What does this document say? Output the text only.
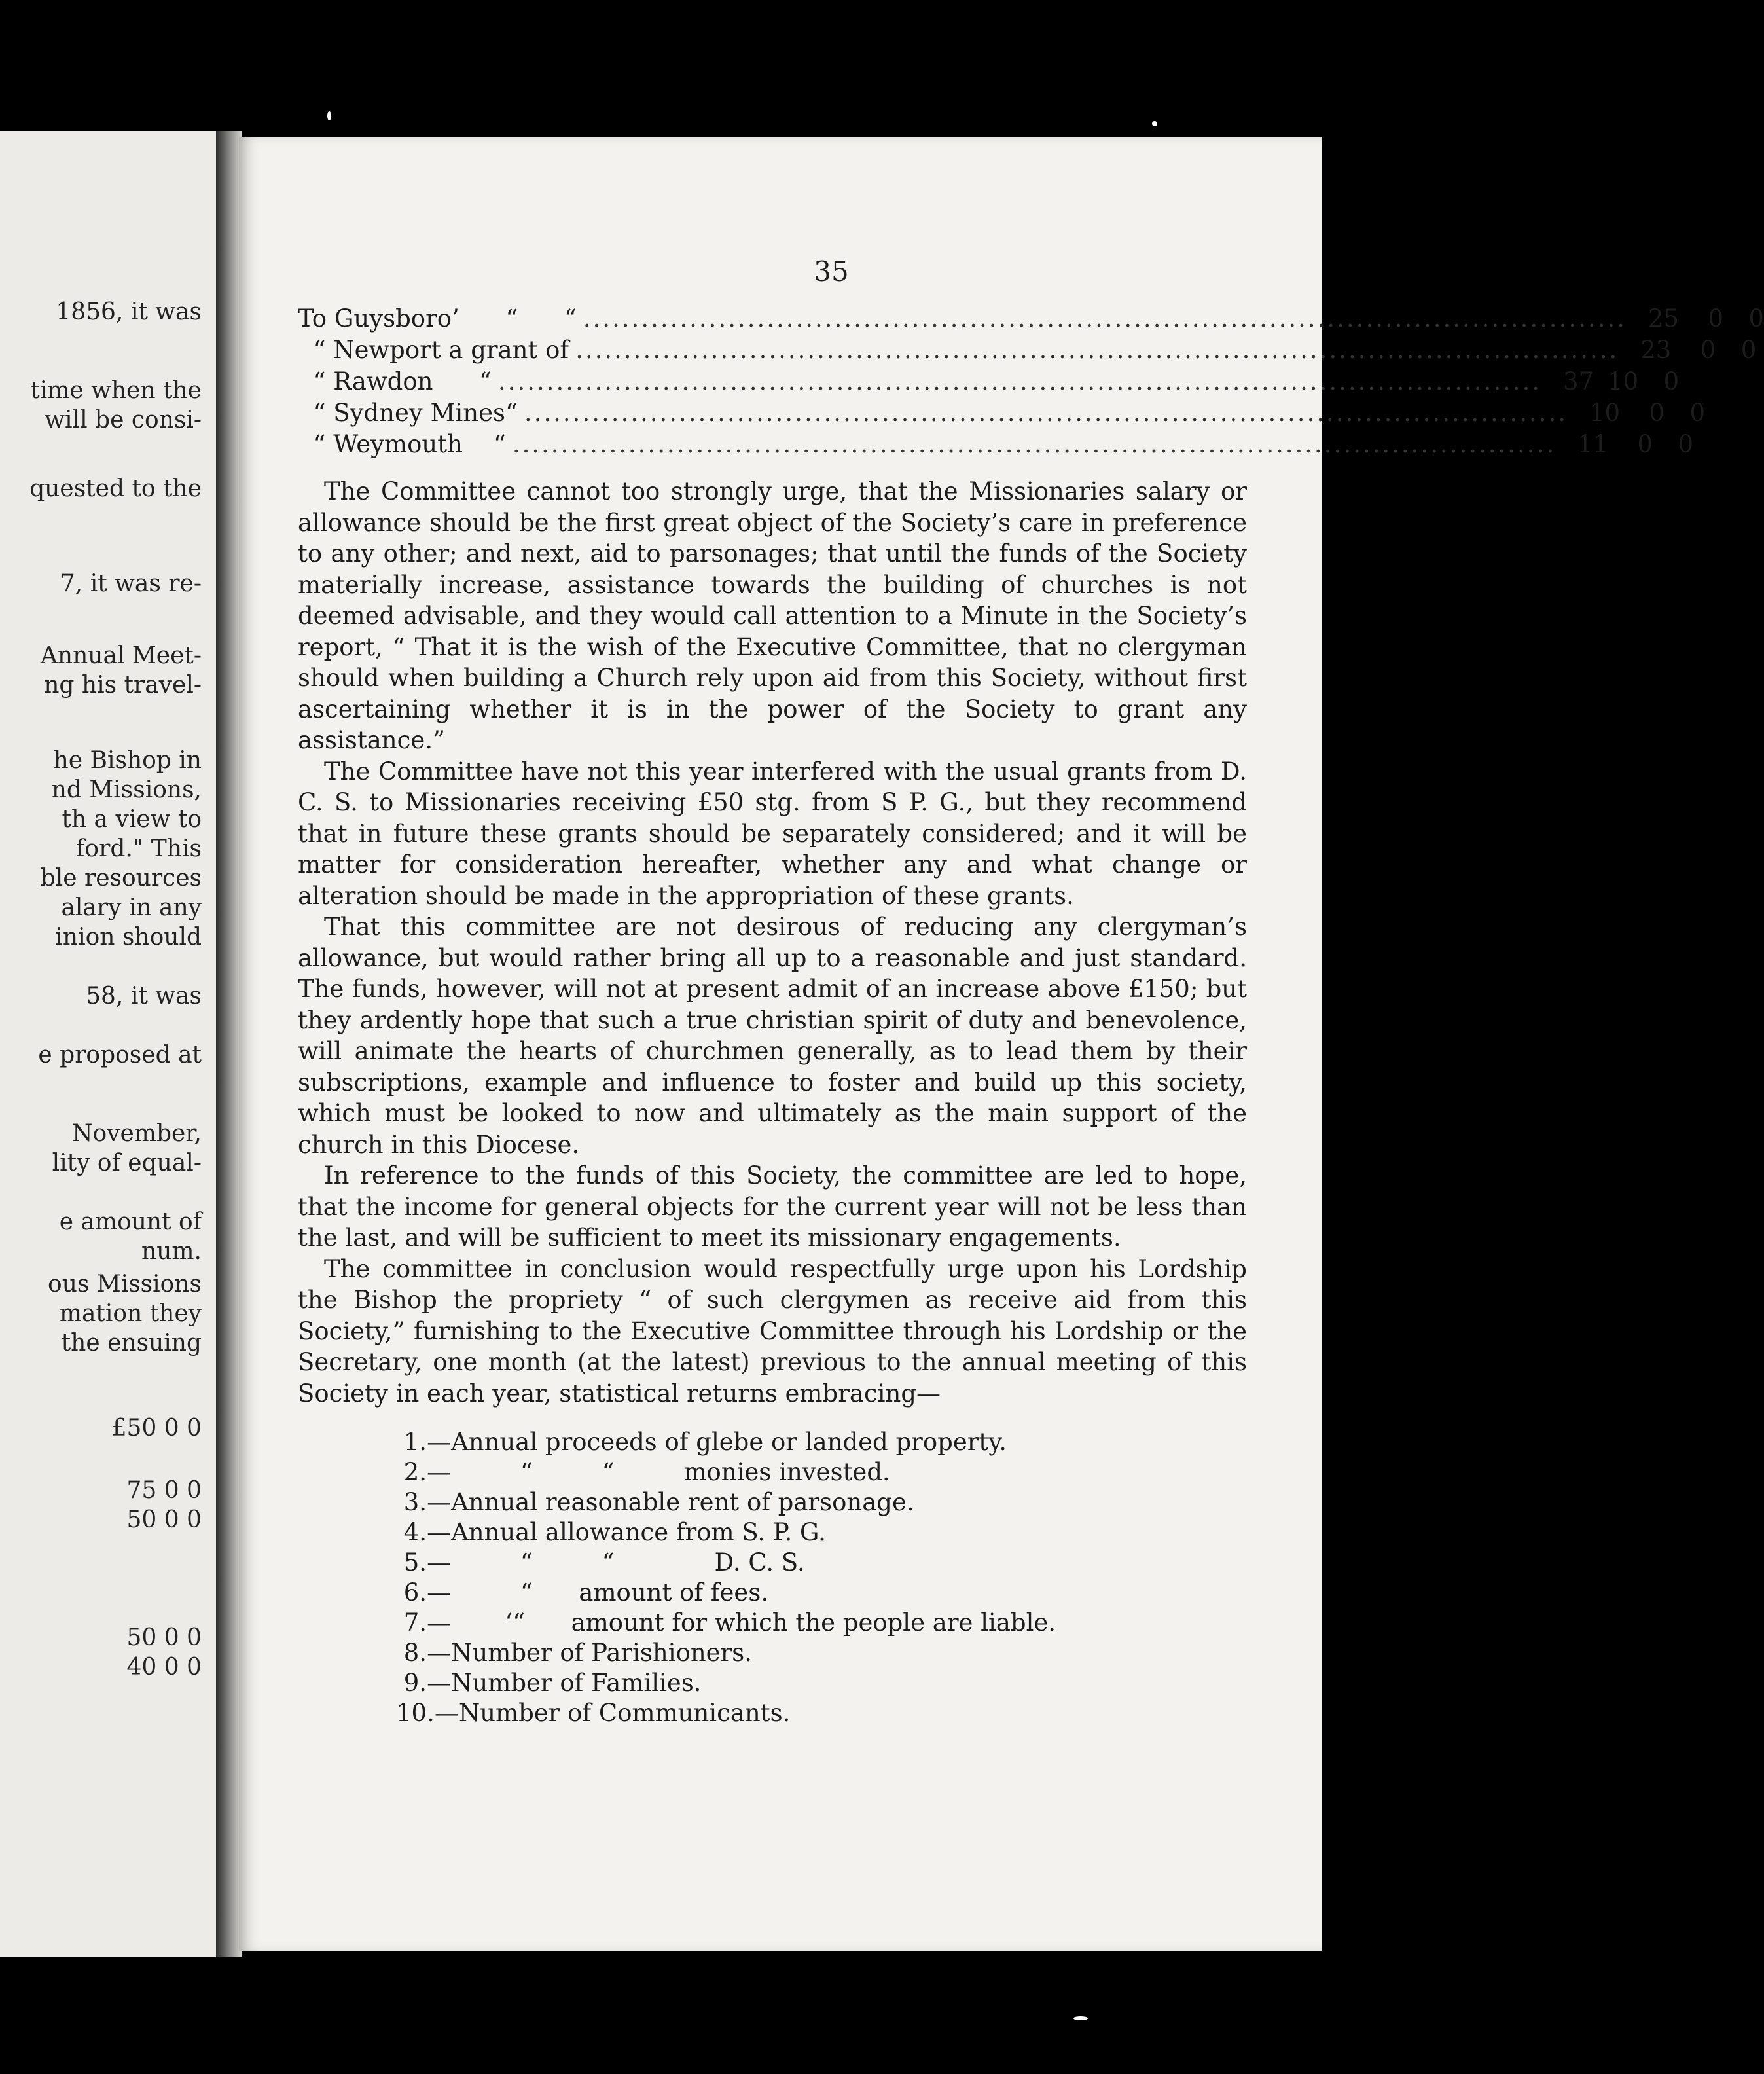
1856, it was
time when the
will be consi-
quested to the
7, it was re-
Annual Meet-
ng his travel-
he Bishop in
nd Missions,
th a view to
ford." This
ble resources
alary in any
inion should
58, it was
e proposed at
November,
lity of equal-
e amount of
num.
ous Missions
mation they
the ensuing
£50 0 0
75 0 0
50 0 0
50 0 0
40 0 0
35
To Guysboro’      “      “ ............................................................................................................ 25	0	0
“ Newport a grant of ............................................................................................................ 23	0	0
“ Rawdon      “ ............................................................................................................ 37 10	0
“ Sydney Mines“ ............................................................................................................ 10	0	0
“ Weymouth    “ ............................................................................................................ 11	0	0

The Committee cannot too strongly urge, that the Missionaries salary or allowance should be the first great object of the Society’s care in preference to any other; and next, aid to parsonages; that until the funds of the Society materially increase, assistance towards the building of churches is not deemed advisable, and they would call attention to a Minute in the Society’s report, “ That it is the wish of the Executive Committee, that no clergyman should when building a Church rely upon aid from this Society, without first ascertaining whether it is in the power of the Society to grant any assistance.”

The Committee have not this year interfered with the usual grants from D. C. S. to Missionaries receiving £50 stg. from S P. G., but they recommend that in future these grants should be separately considered; and it will be matter for consideration hereafter, whether any and what change or alteration should be made in the appropriation of these grants.

That this committee are not desirous of reducing any clergyman’s allowance, but would rather bring all up to a reasonable and just standard. The funds, however, will not at present admit of an increase above £150; but they ardently hope that such a true christian spirit of duty and benevolence, will animate the hearts of churchmen generally, as to lead them by their subscriptions, example and influence to foster and build up this society, which must be looked to now and ultimately as the main support of the church in this Diocese.

In reference to the funds of this Society, the committee are led to hope, that the income for general objects for the current year will not be less than the last, and will be sufficient to meet its missionary engagements.

The committee in conclusion would respectfully urge upon his Lordship the Bishop the propriety “ of such clergymen as receive aid from this Society,” furnishing to the Executive Committee through his Lordship or the Secretary, one month (at the latest) previous to the annual meeting of this Society in each year, statistical returns embracing—

1.—Annual proceeds of glebe or landed property.
2.—         “         “         monies invested.
3.—Annual reasonable rent of parsonage.
4.—Annual allowance from S. P. G.
5.—         “         “             D. C. S.
6.—         “      amount of fees.
7.—       ‘“      amount for which the people are liable.
8.—Number of Parishioners.
9.—Number of Families.
10.—Number of Communicants.
